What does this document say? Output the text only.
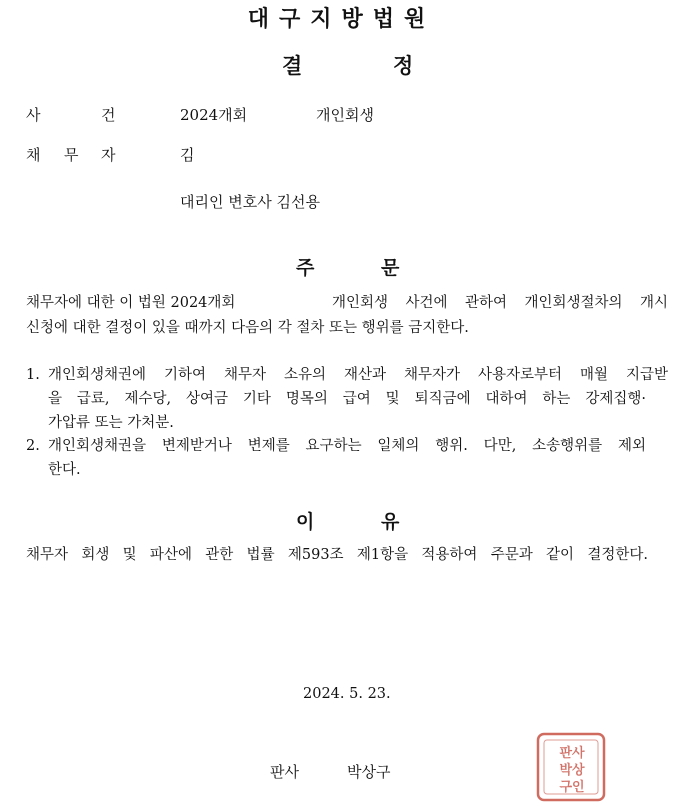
대구지방법원
결	정
사	건	2024개회	개인회생
채 무 자	김
대리인 변호사 김선용
주	문
채무자에 대한 이 법원 2024개회	개인회생 사건에 관하여 개인회생절차의 개시
신청에 대한 결정이 있을 때까지 다음의 각 절차 또는 행위를 금지한다.
1. 개인회생채권에 기하여 채무자 소유의 재산과 채무자가 사용자로부터 매월 지급받
을 급료, 제수당, 상여금 기타 명목의 급여 및 퇴직금에 대하여 하는 강제집행·
가압류 또는 가처분.
2. 개인회생채권을 변제받거나 변제를 요구하는 일체의 행위. 다만, 소송행위를 제외
한다.
이	유
채무자 회생 및 파산에 관한 법률 제593조 제1항을 적용하여 주문과 같이 결정한다.
2024. 5. 23.
판사	박상구
판사
박상
구인
